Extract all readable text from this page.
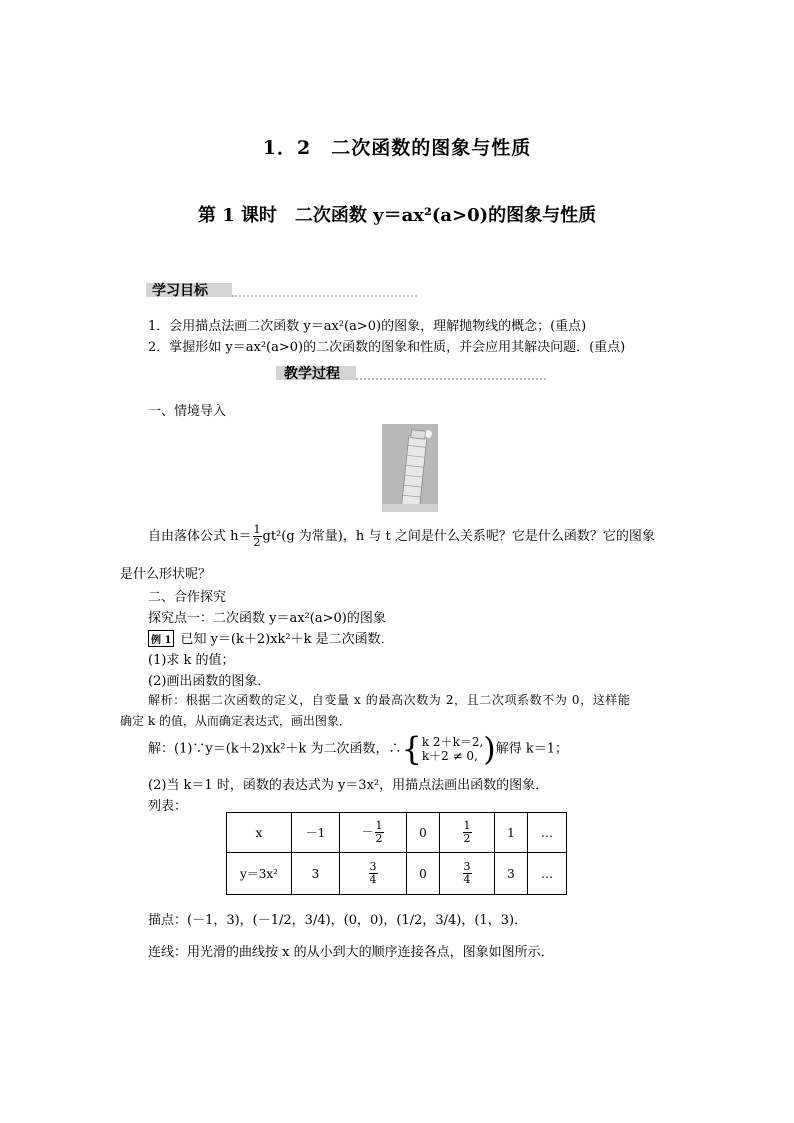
1．2　二次函数的图象与性质
第 1 课时　二次函数 y＝ax²(a>0)的图象与性质
学习目标
1．会用描点法画二次函数 y＝ax²(a>0)的图象，理解抛物线的概念；(重点)
2．掌握形如 y＝ax²(a>0)的二次函数的图象和性质，并会应用其解决问题．(重点)
教学过程
一、情境导入
自由落体公式 $h= \frac{1}{2} gt^2(g$ 为常量)，h 与 t 之间是什么关系呢？它是什么函数？它的图象
是什么形状呢？
二、合作探究
探究点一：二次函数 y＝ax²(a>0)的图象
例 1 已知 y＝(k＋2)xk²＋k 是二次函数．
(1)求 k 的值；
(2)画出函数的图象．
解析：根据二次函数的定义，自变量 x 的最高次数为 2，且二次项系数不为 0，这样能
确定 k 的值，从而确定表达式，画出图象．
解：(1)∵y＝(k＋2)xk²＋k 为二次函数，∴{ k 2＋k＝2,
k＋2 ≠ 0, )解得 k＝1；
(2)当 k＝1 时，函数的表达式为 y＝3x²，用描点法画出函数的图象．
列表：
x	－1	－ $\frac{1}{2}$	0	$\frac{1}{2}$	1	…
y＝3x²	3	$\frac{3}{4}$	0	$\frac{3}{4}$	3	…
描点：(－1，3)，(－1/2，3/4)，(0，0)，(1/2，3/4)，(1，3)．
连线：用光滑的曲线按 x 的从小到大的顺序连接各点，图象如图所示．
